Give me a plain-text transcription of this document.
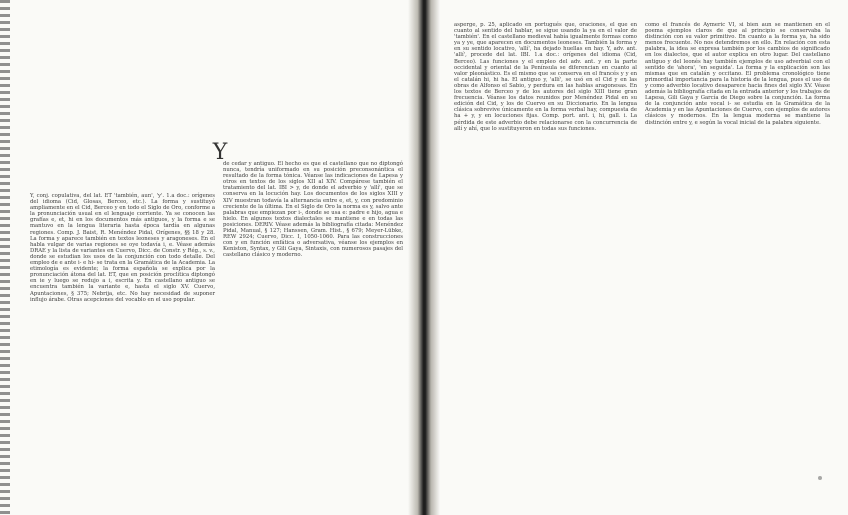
Y

Y, conj. copulativa, del lat. ET 'también, aun', 'y'. 1.a doc.: orígenes del idioma (Cid, Glosas, Berceo, etc.). La forma y sustituyó ampliamente en el Cid, Berceo y en todo el Siglo de Oro, conforme a la pronunciación usual en el lenguaje corriente. Ya se conocen las grafías e, et, hi en los documentos más antiguos, y la forma e se mantuvo en la lengua literaria hasta época tardía en algunas regiones. Comp. J. Baist, R. Menéndez Pidal, Orígenes, §§ 18 y 28. La forma y aparece también en textos leoneses y aragoneses. En el habla vulgar de varias regiones se oye todavía i, e. Véase además DRAE y la lista de variantes en Cuervo, Dicc. de Constr. y Rég., s. v., donde se estudian los usos de la conjunción con todo detalle. Del empleo de e ante i- e hi- se trata en la Gramática de la Academia. La etimología es evidente; la forma española se explica por la pronunciación átona del lat. ET, que en posición proclítica diptongó en ie y luego se redujo a i, escrita y. En castellano antiguo se encuentra también la variante e, hasta el siglo XV. Cuervo, Apuntaciones, § 375; Nebrija, etc. No hay necesidad de suponer influjo árabe. Otras acepciones del vocablo en el uso popular.

de cedar y antiguo. El hecho es que el castellano que no diptongó nunca, tendría uniformado en su posición preconsonántica el resultado de la forma tónica. Véanse las indicaciones de Lapesa y otros en textos de los siglos XII al XIV. Compárese también el tratamiento del lat. IBI > y, de donde el adverbio y 'allí', que se conserva en la locución hay. Los documentos de los siglos XIII y XIV muestran todavía la alternancia entre e, et, y, con predominio creciente de la última. En el Siglo de Oro la norma es y, salvo ante palabras que empiezan por i-, donde se usa e: padre e hijo, agua e hielo. En algunos textos dialectales se mantiene e en todas las posiciones. DERIV. Véase además la bibliografía citada: Menéndez Pidal, Manual, § 127; Hanssen, Gram. Hist., § 679; Meyer-Lübke, REW 2924; Cuervo, Dicc. I, 1050-1060. Para las construcciones con y en función enfática o adversativa, véanse los ejemplos en Keniston, Syntax, y Gili Gaya, Sintaxis, con numerosos pasajes del castellano clásico y moderno.

asperge, p. 25, aplicado en portugués que, oraciones, el que en cuanto al sentido del hablar, se sigue usando la ya en el valor de 'también'. En el castellano medieval había igualmente formas como ya y ye, que aparecen en documentos leoneses. También la forma y en su sentido locativo, 'allí', ha dejado huellas en hay. Y, adv. ant. 'allí', procede del lat. IBI. 1.a doc.: orígenes del idioma (Cid, Berceo). Las funciones y el empleo del adv. ant. y en la parte occidental y oriental de la Península se diferencian en cuanto al valor pleonástico. Es el mismo que se conserva en el francés y y en el catalán hi, hi ha. El antiguo y, 'allí', se usó en el Cid y en las obras de Alfonso el Sabio, y perdura en las hablas aragonesas. En los textos de Berceo y de los autores del siglo XIII tiene gran frecuencia. Véanse los datos reunidos por Menéndez Pidal en su edición del Cid, y los de Cuervo en su Diccionario. En la lengua clásica sobrevive únicamente en la forma verbal hay, compuesta de ha + y, y en locuciones fijas. Comp. port. ant. i, hi, gall. i. La pérdida de este adverbio debe relacionarse con la concurrencia de allí y ahí, que lo sustituyeron en todas sus funciones.

como el francés de Aymeric VI, si bien aun se mantienen en el poema ejemplos claros de que al principio se conservaba la distinción con su valor primitivo. En cuanto a la forma ya, ha sido menos frecuente. No nos detendremos en ello. En relación con esta palabra, la idea se expresa también por los cambios de significado en los dialectos, que el autor explica en otro lugar. Del castellano antiguo y del leonés hay también ejemplos de uso adverbial con el sentido de 'ahora', 'en seguida'. La forma y la explicación son las mismas que en catalán y occitano. El problema cronológico tiene primordial importancia para la historia de la lengua, pues el uso de y como adverbio locativo desaparece hacia fines del siglo XV. Véase además la bibliografía citada en la entrada anterior y los trabajos de Lapesa, Gili Gaya y García de Diego sobre la conjunción. La forma de la conjunción ante vocal i- se estudia en la Gramática de la Academia y en las Apuntaciones de Cuervo, con ejemplos de autores clásicos y modernos. En la lengua moderna se mantiene la distinción entre y, e según la vocal inicial de la palabra siguiente.
